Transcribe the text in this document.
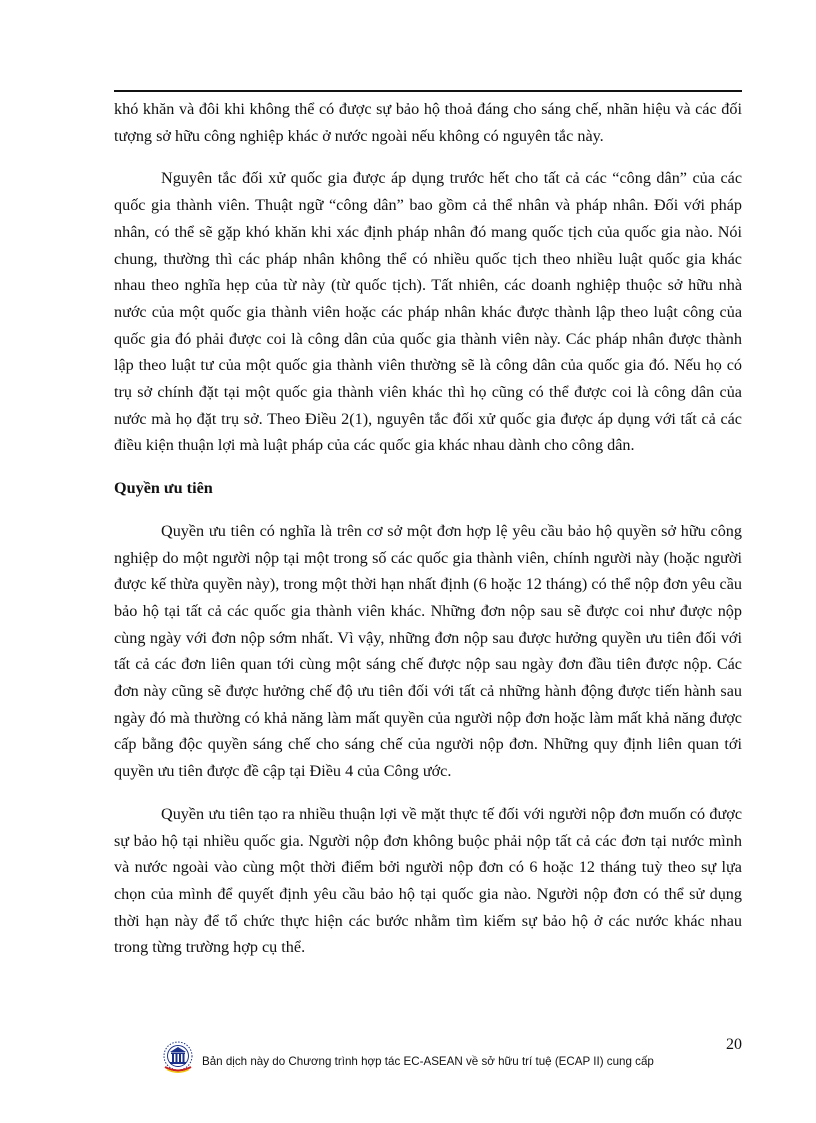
khó khăn và đôi khi không thể có được sự bảo hộ thoả đáng cho sáng chế, nhãn hiệu và các đối tượng sở hữu công nghiệp khác ở nước ngoài nếu không có nguyên tắc này.

Nguyên tắc đối xử quốc gia được áp dụng trước hết cho tất cả các “công dân” của các quốc gia thành viên. Thuật ngữ “công dân” bao gồm cả thể nhân và pháp nhân. Đối với pháp nhân, có thể sẽ gặp khó khăn khi xác định pháp nhân đó mang quốc tịch của quốc gia nào. Nói chung, thường thì các pháp nhân không thể có nhiều quốc tịch theo nhiều luật quốc gia khác nhau theo nghĩa hẹp của từ này (từ quốc tịch). Tất nhiên, các doanh nghiệp thuộc sở hữu nhà nước của một quốc gia thành viên hoặc các pháp nhân khác được thành lập theo luật công của quốc gia đó phải được coi là công dân của quốc gia thành viên này. Các pháp nhân được thành lập theo luật tư của một quốc gia thành viên thường sẽ là công dân của quốc gia đó. Nếu họ có trụ sở chính đặt tại một quốc gia thành viên khác thì họ cũng có thể được coi là công dân của nước mà họ đặt trụ sở. Theo Điều 2(1), nguyên tắc đối xử quốc gia được áp dụng với tất cả các điều kiện thuận lợi mà luật pháp của các quốc gia khác nhau dành cho công dân.

Quyền ưu tiên

Quyền ưu tiên có nghĩa là trên cơ sở một đơn hợp lệ yêu cầu bảo hộ quyền sở hữu công nghiệp do một người nộp tại một trong số các quốc gia thành viên, chính người này (hoặc người được kế thừa quyền này), trong một thời hạn nhất định (6 hoặc 12 tháng) có thể nộp đơn yêu cầu bảo hộ tại tất cả các quốc gia thành viên khác. Những đơn nộp sau sẽ được coi như được nộp cùng ngày với đơn nộp sớm nhất. Vì vậy, những đơn nộp sau được hưởng quyền ưu tiên đối với tất cả các đơn liên quan tới cùng một sáng chế được nộp sau ngày đơn đầu tiên được nộp. Các đơn này cũng sẽ được hưởng chế độ ưu tiên đối với tất cả những hành động được tiến hành sau ngày đó mà thường có khả năng làm mất quyền của người nộp đơn hoặc làm mất khả năng được cấp bằng độc quyền sáng chế cho sáng chế của người nộp đơn. Những quy định liên quan tới quyền ưu tiên được đề cập tại Điều 4 của Công ước.

Quyền ưu tiên tạo ra nhiều thuận lợi về mặt thực tế đối với người nộp đơn muốn có được sự bảo hộ tại nhiều quốc gia. Người nộp đơn không buộc phải nộp tất cả các đơn tại nước mình và nước ngoài vào cùng một thời điểm bởi người nộp đơn có 6 hoặc 12 tháng tuỳ theo sự lựa chọn của mình để quyết định yêu cầu bảo hộ tại quốc gia nào. Người nộp đơn có thể sử dụng thời hạn này để tổ chức thực hiện các bước nhằm tìm kiếm sự bảo hộ ở các nước khác nhau trong từng trường hợp cụ thể.

20
Bản dịch này do Chương trình hợp tác EC-ASEAN về sở hữu trí tuệ (ECAP II) cung cấp
